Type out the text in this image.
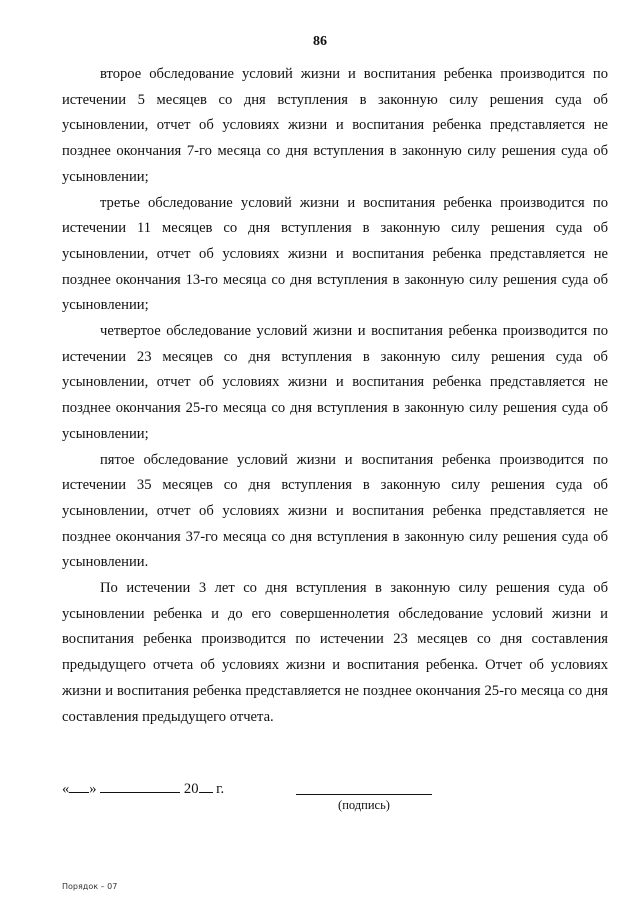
86

второе обследование условий жизни и воспитания ребенка производится по истечении 5 месяцев со дня вступления в законную силу решения суда об усыновлении, отчет об условиях жизни и воспитания ребенка представляется не позднее окончания 7-го месяца со дня вступления в законную силу решения суда об усыновлении;

третье обследование условий жизни и воспитания ребенка производится по истечении 11 месяцев со дня вступления в законную силу решения суда об усыновлении, отчет об условиях жизни и воспитания ребенка представляется не позднее окончания 13-го месяца со дня вступления в законную силу решения суда об усыновлении;

четвертое обследование условий жизни и воспитания ребенка производится по истечении 23 месяцев со дня вступления в законную силу решения суда об усыновлении, отчет об условиях жизни и воспитания ребенка представляется не позднее окончания 25-го месяца со дня вступления в законную силу решения суда об усыновлении;

пятое обследование условий жизни и воспитания ребенка производится по истечении 35 месяцев со дня вступления в законную силу решения суда об усыновлении, отчет об условиях жизни и воспитания ребенка представляется не позднее окончания 37-го месяца со дня вступления в законную силу решения суда об усыновлении.

По истечении 3 лет со дня вступления в законную силу решения суда об усыновлении ребенка и до его совершеннолетия обследование условий жизни и воспитания ребенка производится по истечении 23 месяцев со дня составления предыдущего отчета об условиях жизни и воспитания ребенка. Отчет об условиях жизни и воспитания ребенка представляется не позднее окончания 25-го месяца со дня составления предыдущего отчета.

« »	20 г.
(подпись)
Порядок – 07
